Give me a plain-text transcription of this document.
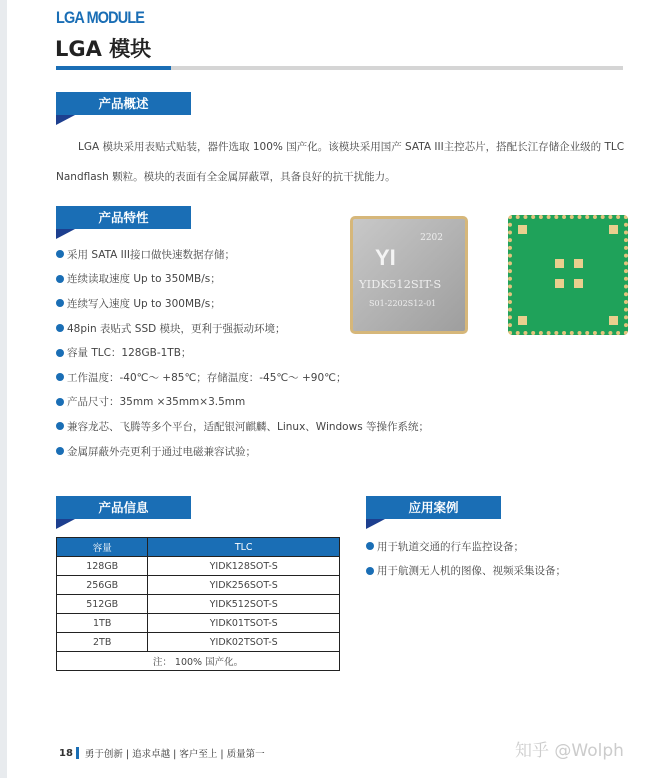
LGA MODULE
LGA 模块
产品概述

LGA 模块采用表贴式贴装，器件选取 100% 国产化。该模块采用国产 SATA III主控芯片，搭配长江存储企业级的 TLC Nandflash 颗粒。模块的表面有全金属屏蔽罩，具备良好的抗干扰能力。

产品特性
采用 SATA III接口做快速数据存储；
连续读取速度 Up to 350MB/s；
连续写入速度 Up to 300MB/s；
48pin 表贴式 SSD 模块，更利于强振动环境；
容量 TLC：128GB-1TB；
工作温度：-40℃～ +85℃；存储温度：-45℃～ +90℃；
产品尺寸：35mm ×35mm×3.5mm
兼容龙芯、飞腾等多个平台，适配银河麒麟、Linux、Windows 等操作系统；
金属屏蔽外壳更利于通过电磁兼容试验；
2202
YI
YIDK512SIT-S
S01-2202S12-01
产品信息
容量	TLC
128GB	YIDK128SOT-S
256GB	YIDK256SOT-S
512GB	YIDK512SOT-S
1TB	YIDK01TSOT-S
2TB	YIDK02TSOT-S
注： 100% 国产化。	
应用案例
用于轨道交通的行车监控设备；
用于航测无人机的图像、视频采集设备；
18 勇于创新 | 追求卓越 | 客户至上 | 质量第一	知乎 @Wolph
